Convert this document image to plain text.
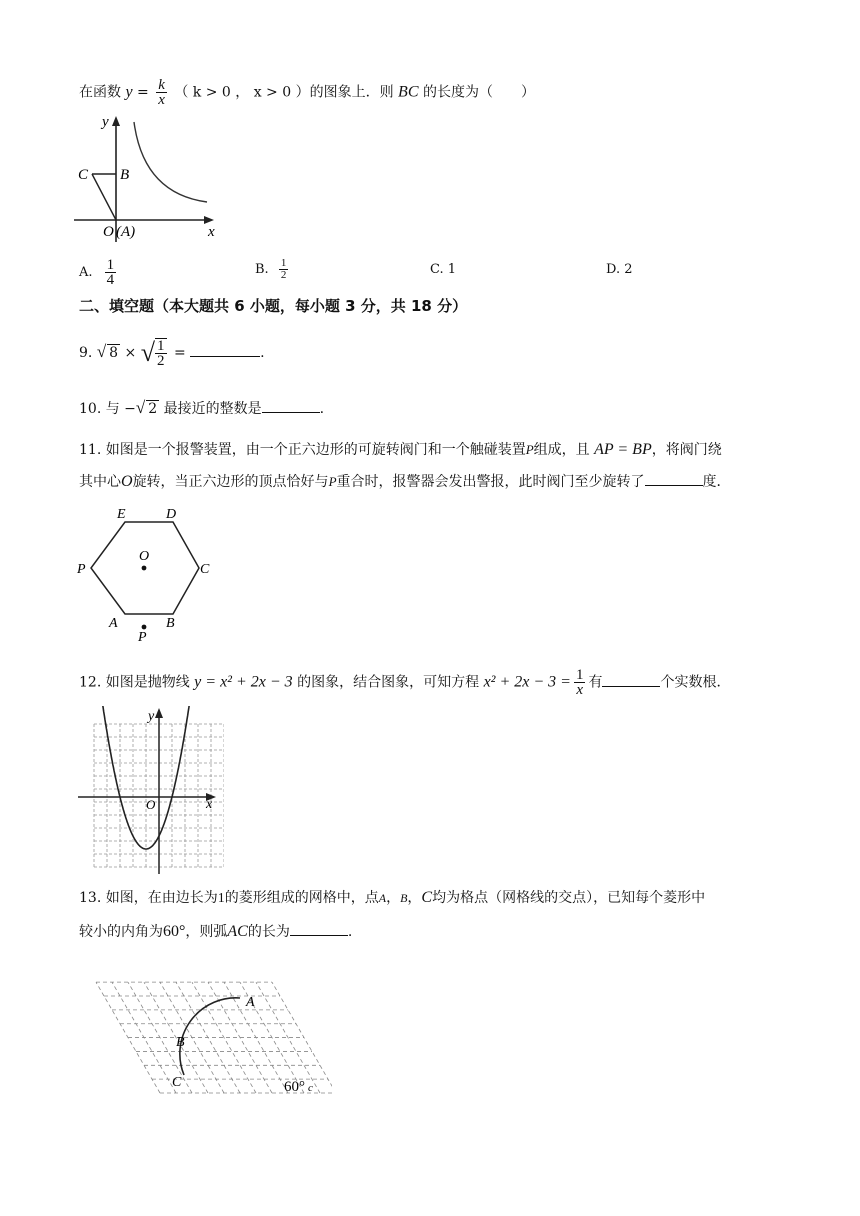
在函数 $y = \frac{k}{x}$ （ k > 0 ， x > 0 ）的图象上．则 BC 的长度为（　　）
C B
y
x
O (A)
A. $\frac{1}{4}$	B. $\frac{1}{2}$	C. 1	D. 2
二、填空题（本大题共 6 小题，每小题 3 分，共 18 分）
9. √ 8 × √ $\frac{1}{2}$ =	.
10. 与 −√ 2 最接近的整数是	.
11. 如图是一个报警装置，由一个正六边形的可旋转阀门和一个触碰装置P组成，且 AP = BP，将阀门绕
其中心O旋转，当正六边形的顶点恰好与P重合时，报警器会发出警报，此时阀门至少旋转了	度．
E	D
O
P	C
A	B
P
12. 如图是抛物线 y = x² + 2x − 3 的图象，结合图象，可知方程 $x^2 + 2x - 3 = \frac{1}{x}$ 有	个实数根．
y
x
O
13. 如图，在由边长为1的菱形组成的网格中，点A，B，C均为格点（网格线的交点），已知每个菱形中
较小的内角为60°，则弧AC的长为	.
A
B
C	60° c
